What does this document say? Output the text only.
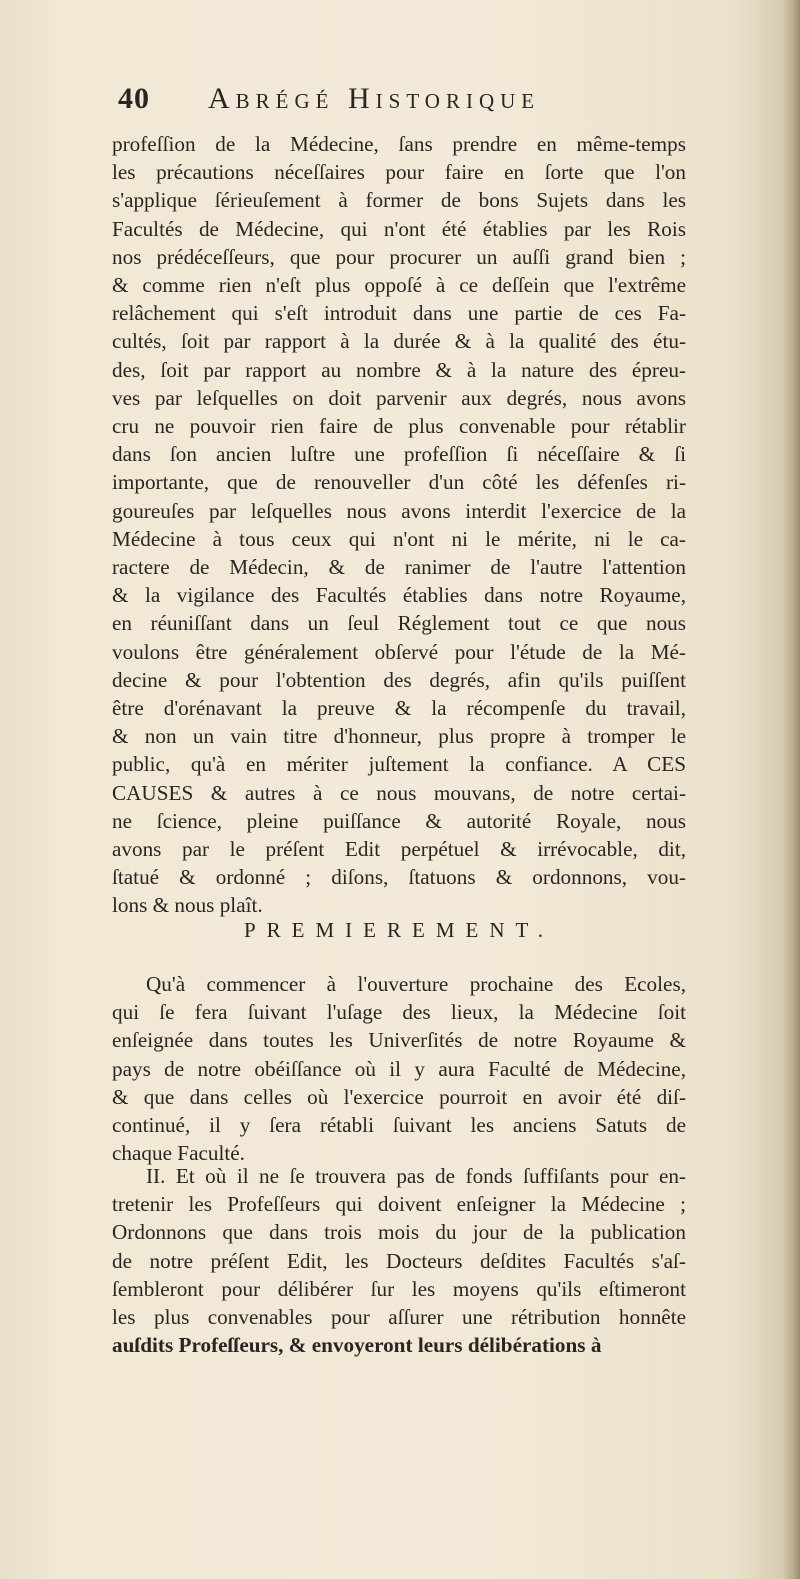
40	Abrégé Historique
profeſſion de la Médecine, ſans prendre en même-temps
les précautions néceſſaires pour faire en ſorte que l'on
s'applique ſérieuſement à former de bons Sujets dans les
Facultés de Médecine, qui n'ont été établies par les Rois
nos prédéceſſeurs, que pour procurer un auſſi grand bien ;
& comme rien n'eſt plus oppoſé à ce deſſein que l'extrême
relâchement qui s'eſt introduit dans une partie de ces Fa-
cultés, ſoit par rapport à la durée & à la qualité des étu-
des, ſoit par rapport au nombre & à la nature des épreu-
ves par leſquelles on doit parvenir aux degrés, nous avons
cru ne pouvoir rien faire de plus convenable pour rétablir
dans ſon ancien luſtre une profeſſion ſi néceſſaire & ſi
importante, que de renouveller d'un côté les défenſes ri-
goureuſes par leſquelles nous avons interdit l'exercice de la
Médecine à tous ceux qui n'ont ni le mérite, ni le ca-
ractere de Médecin, & de ranimer de l'autre l'attention
& la vigilance des Facultés établies dans notre Royaume,
en réuniſſant dans un ſeul Réglement tout ce que nous
voulons être généralement obſervé pour l'étude de la Mé-
decine & pour l'obtention des degrés, afin qu'ils puiſſent
être d'orénavant la preuve & la récompenſe du travail,
& non un vain titre d'honneur, plus propre à tromper le
public, qu'à en mériter juſtement la confiance. A CES
CAUSES & autres à ce nous mouvans, de notre certai-
ne ſcience, pleine puiſſance & autorité Royale, nous
avons par le préſent Edit perpétuel & irrévocable, dit,
ſtatué & ordonné ; diſons, ſtatuons & ordonnons, vou-
lons & nous plaît.
PREMIEREMENT.
Qu'à commencer à l'ouverture prochaine des Ecoles,
qui ſe fera ſuivant l'uſage des lieux, la Médecine ſoit
enſeignée dans toutes les Univerſités de notre Royaume &
pays de notre obéiſſance où il y aura Faculté de Médecine,
& que dans celles où l'exercice pourroit en avoir été diſ-
continué, il y ſera rétabli ſuivant les anciens Satuts de
chaque Faculté.
II. Et où il ne ſe trouvera pas de fonds ſuffiſants pour en-
tretenir les Profeſſeurs qui doivent enſeigner la Médecine ;
Ordonnons que dans trois mois du jour de la publication
de notre préſent Edit, les Docteurs deſdites Facultés s'aſ-
ſembleront pour délibérer ſur les moyens qu'ils eſtimeront
les plus convenables pour aſſurer une rétribution honnête
auſdits Profeſſeurs, & envoyeront leurs délibérations à
